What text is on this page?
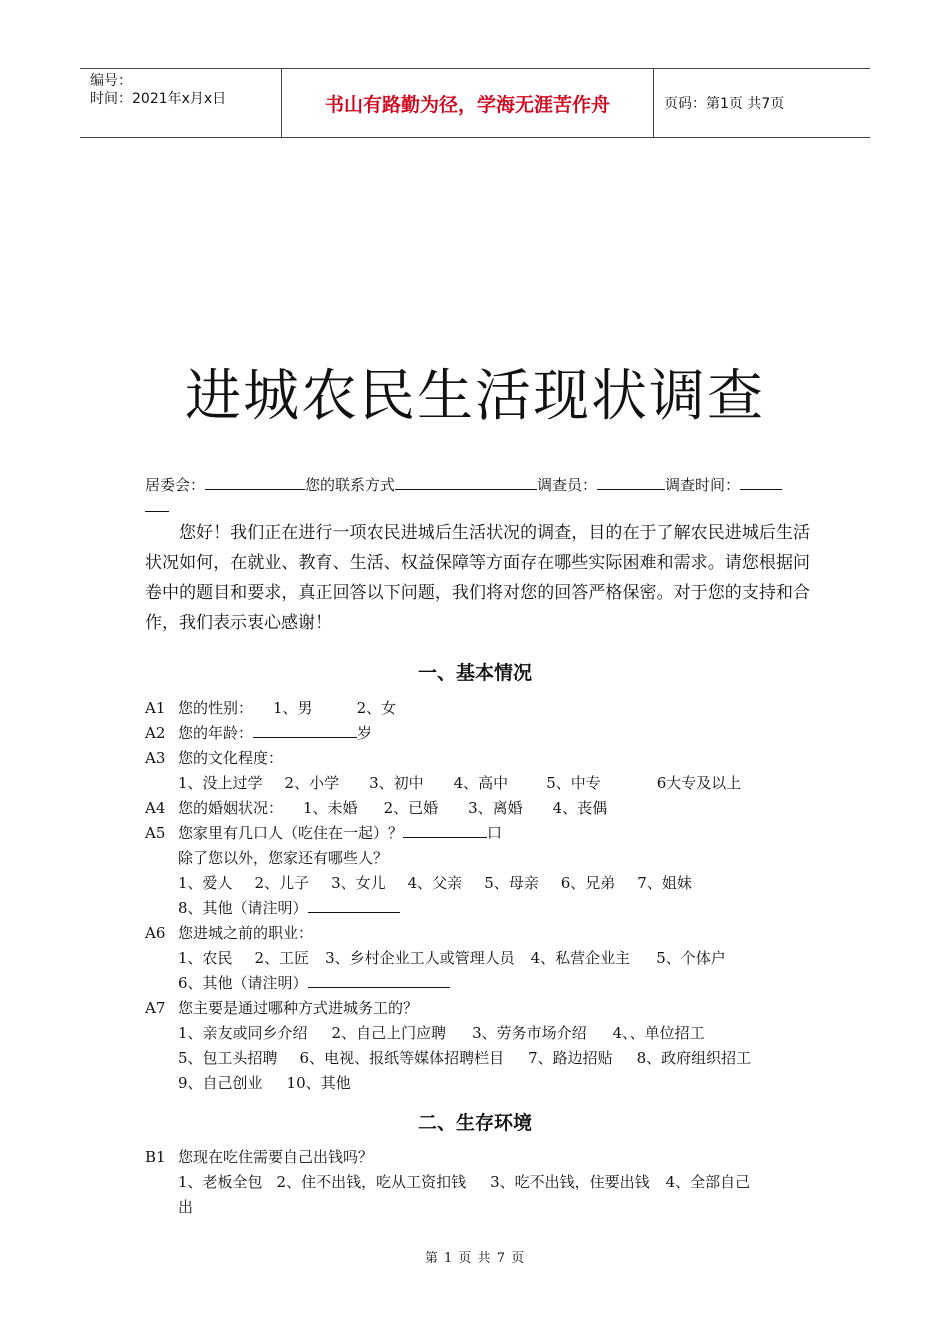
编号：
时间：2021年x月x日	书山有路勤为径，学海无涯苦作舟	页码：第1页 共7页
进城农民生活现状调查
居委会：	您的联系方式	调查员：	调查时间：

您好！我们正在进行一项农民进城后生活状况的调查，目的在于了解农民进城后生活状况如何，在就业、教育、生活、权益保障等方面存在哪些实际困难和需求。请您根据问卷中的题目和要求，真正回答以下问题，我们将对您的回答严格保密。对于您的支持和合作，我们表示衷心感谢！
一、基本情况
A1 您的性别： 1、男	2、女
A2 您的年龄：	岁
A3 您的文化程度：
1、没上过学 2、小学 3、初中 4、高中	5、中专	6大专及以上
A4 您的婚姻状况： 1、未婚 2、已婚 3、离婚 4、丧偶
A5 您家里有几口人（吃住在一起）？	口
除了您以外，您家还有哪些人？
1、爱人 2、儿子 3、女儿 4、父亲 5、母亲 6、兄弟 7、姐妹
8、其他（请注明）
A6 您进城之前的职业：
1、农民 2、工匠 3、乡村企业工人或管理人员 4、私营企业主 5、个体户
6、其他（请注明）
A7 您主要是通过哪种方式进城务工的？
1、亲友或同乡介绍 2、自己上门应聘 3、劳务市场介绍 4、、单位招工
5、包工头招聘 6、电视、报纸等媒体招聘栏目 7、路边招贴 8、政府组织招工
9、自己创业 10、其他
二、生存环境
B1 您现在吃住需要自己出钱吗？
1、老板全包 2、住不出钱，吃从工资扣钱 3、吃不出钱，住要出钱 4、全部自己
出
第 1 页 共 7 页
